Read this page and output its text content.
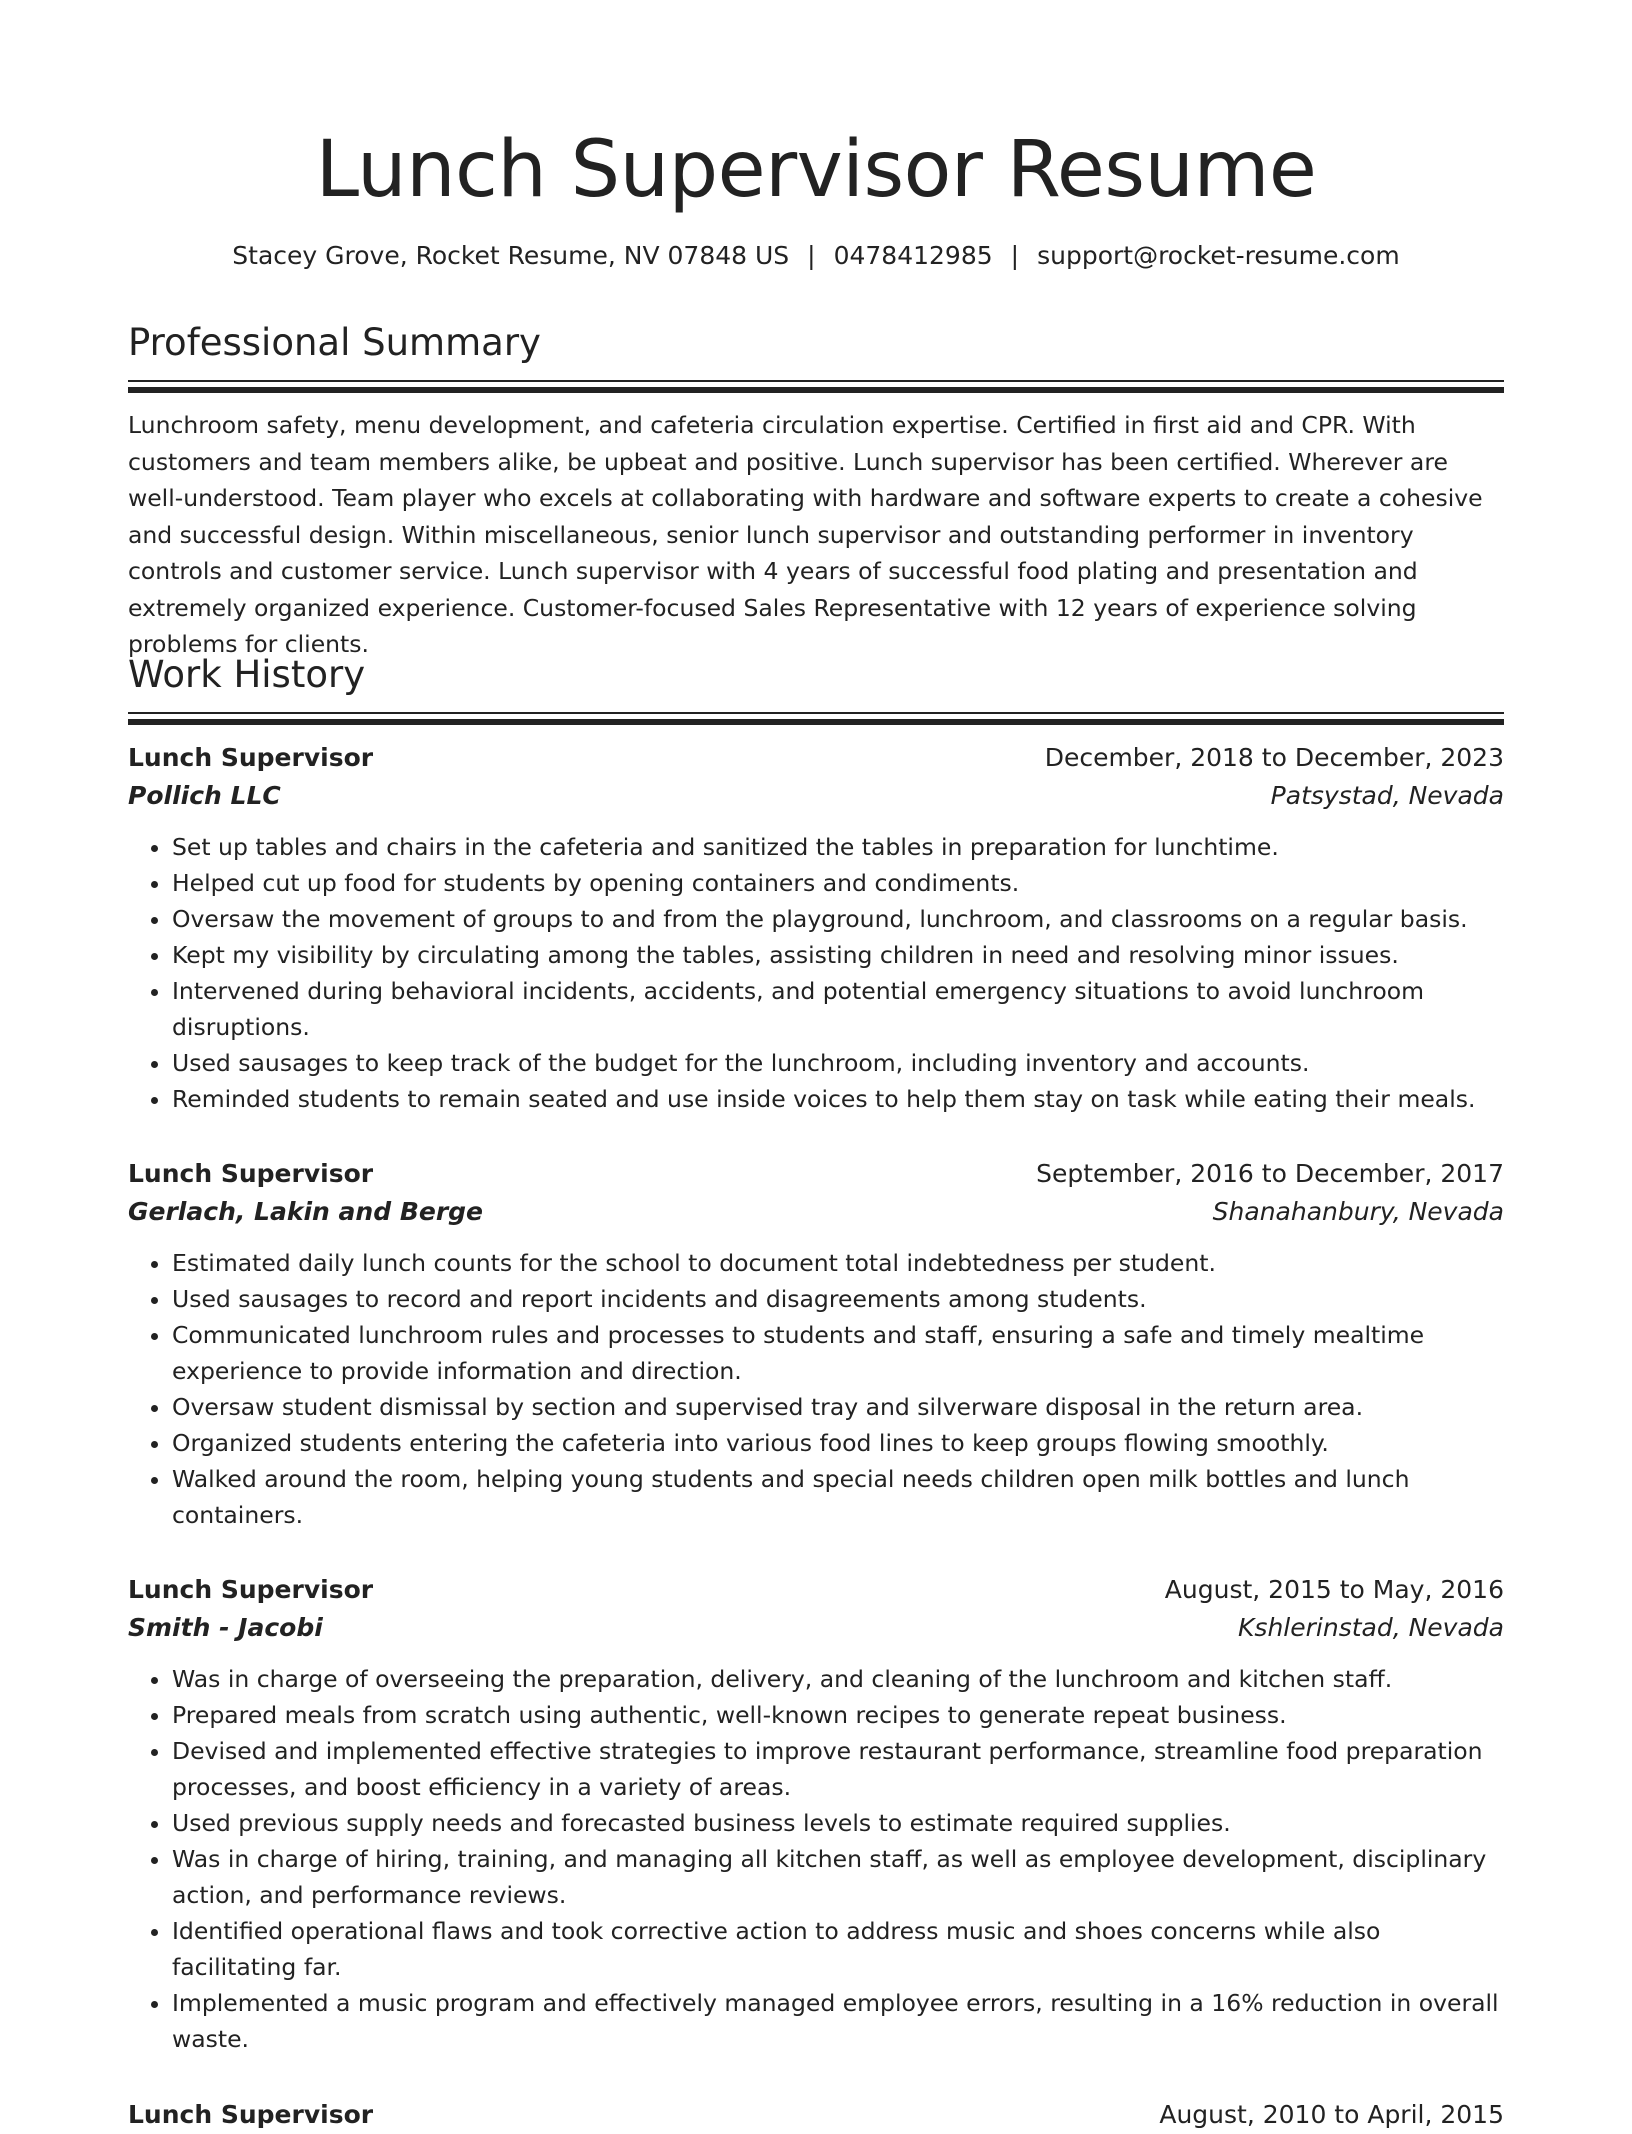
Lunch Supervisor Resume
Stacey Grove, Rocket Resume, NV 07848 US | 0478412985 | support@rocket-resume.com
Professional Summary

Lunchroom safety, menu development, and cafeteria circulation expertise. Certified in first aid and CPR. With customers and team members alike, be upbeat and positive. Lunch supervisor has been certified. Wherever are well-understood. Team player who excels at collaborating with hardware and software experts to create a cohesive and successful design. Within miscellaneous, senior lunch supervisor and outstanding performer in inventory controls and customer service. Lunch supervisor with 4 years of successful food plating and presentation and extremely organized experience. Customer-focused Sales Representative with 12 years of experience solving problems for clients.

Work History
Lunch Supervisor	December, 2018 to December, 2023
Pollich LLC	Patsystad, Nevada
• Set up tables and chairs in the cafeteria and sanitized the tables in preparation for lunchtime.
• Helped cut up food for students by opening containers and condiments.
• Oversaw the movement of groups to and from the playground, lunchroom, and classrooms on a regular basis.
• Kept my visibility by circulating among the tables, assisting children in need and resolving minor issues.
• Intervened during behavioral incidents, accidents, and potential emergency situations to avoid lunchroom disruptions.
• Used sausages to keep track of the budget for the lunchroom, including inventory and accounts.
• Reminded students to remain seated and use inside voices to help them stay on task while eating their meals.
Lunch Supervisor	September, 2016 to December, 2017
Gerlach, Lakin and Berge	Shanahanbury, Nevada
• Estimated daily lunch counts for the school to document total indebtedness per student.
• Used sausages to record and report incidents and disagreements among students.
• Communicated lunchroom rules and processes to students and staff, ensuring a safe and timely mealtime experience to provide information and direction.
• Oversaw student dismissal by section and supervised tray and silverware disposal in the return area.
• Organized students entering the cafeteria into various food lines to keep groups flowing smoothly.
• Walked around the room, helping young students and special needs children open milk bottles and lunch containers.
Lunch Supervisor	August, 2015 to May, 2016
Smith - Jacobi	Kshlerinstad, Nevada
• Was in charge of overseeing the preparation, delivery, and cleaning of the lunchroom and kitchen staff.
• Prepared meals from scratch using authentic, well-known recipes to generate repeat business.
• Devised and implemented effective strategies to improve restaurant performance, streamline food preparation processes, and boost efficiency in a variety of areas.
• Used previous supply needs and forecasted business levels to estimate required supplies.
• Was in charge of hiring, training, and managing all kitchen staff, as well as employee development, disciplinary action, and performance reviews.
• Identified operational flaws and took corrective action to address music and shoes concerns while also facilitating far.
• Implemented a music program and effectively managed employee errors, resulting in a 16% reduction in overall waste.
Lunch Supervisor	August, 2010 to April, 2015
